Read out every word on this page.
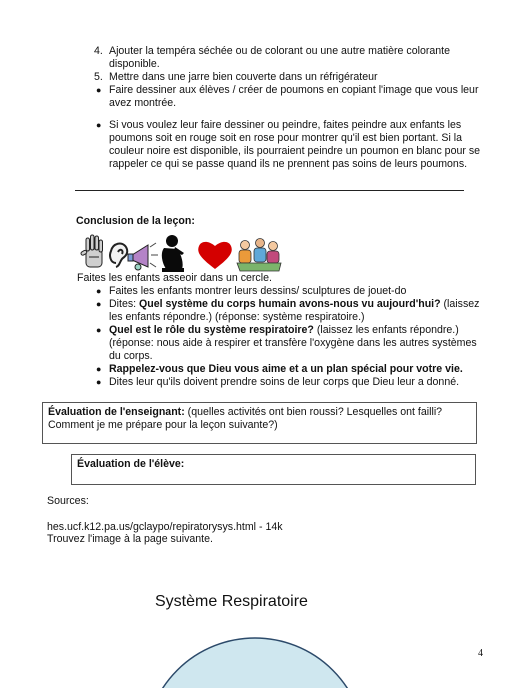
4. Ajouter la tempéra séchée ou de colorant ou une autre matière colorante
disponible.
5. Mettre dans une jarre bien couverte dans un réfrigérateur
● Faire dessiner aux élèves / créer de poumons en copiant l'image que vous leur
avez montrée.
● Si vous voulez leur faire dessiner ou peindre, faites peindre aux enfants les
poumons soit en rouge soit en rose pour montrer qu'il est bien portant. Si la
couleur noire est disponible, ils pourraient peindre un poumon en blanc pour se
rappeler ce qui se passe quand ils ne prennent pas soins de leurs poumons.
Conclusion de la leçon:
Faites les enfants asseoir dans un cercle.
● Faites les enfants montrer leurs dessins/ sculptures de jouet-do
● Dites: Quel système du corps humain avons-nous vu aujourd'hui? (laissez
les enfants répondre.) (réponse: système respiratoire.)
● Quel est le rôle du système respiratoire? (laissez les enfants répondre.)
(réponse: nous aide à respirer et transfère l'oxygène dans les autres systèmes
du corps.
● Rappelez-vous que Dieu vous aime et a un plan spécial pour votre vie.
● Dites leur qu'ils doivent prendre soins de leur corps que Dieu leur a donné.
Évaluation de l'enseignant: (quelles activités ont bien roussi? Lesquelles ont failli?
Comment je me prépare pour la leçon suivante?)
Évaluation de l'élève:
Sources:
hes.ucf.k12.pa.us/gclaypo/repiratorysys.html - 14k
Trouvez l'image à la page suivante.
Système Respiratoire
4
